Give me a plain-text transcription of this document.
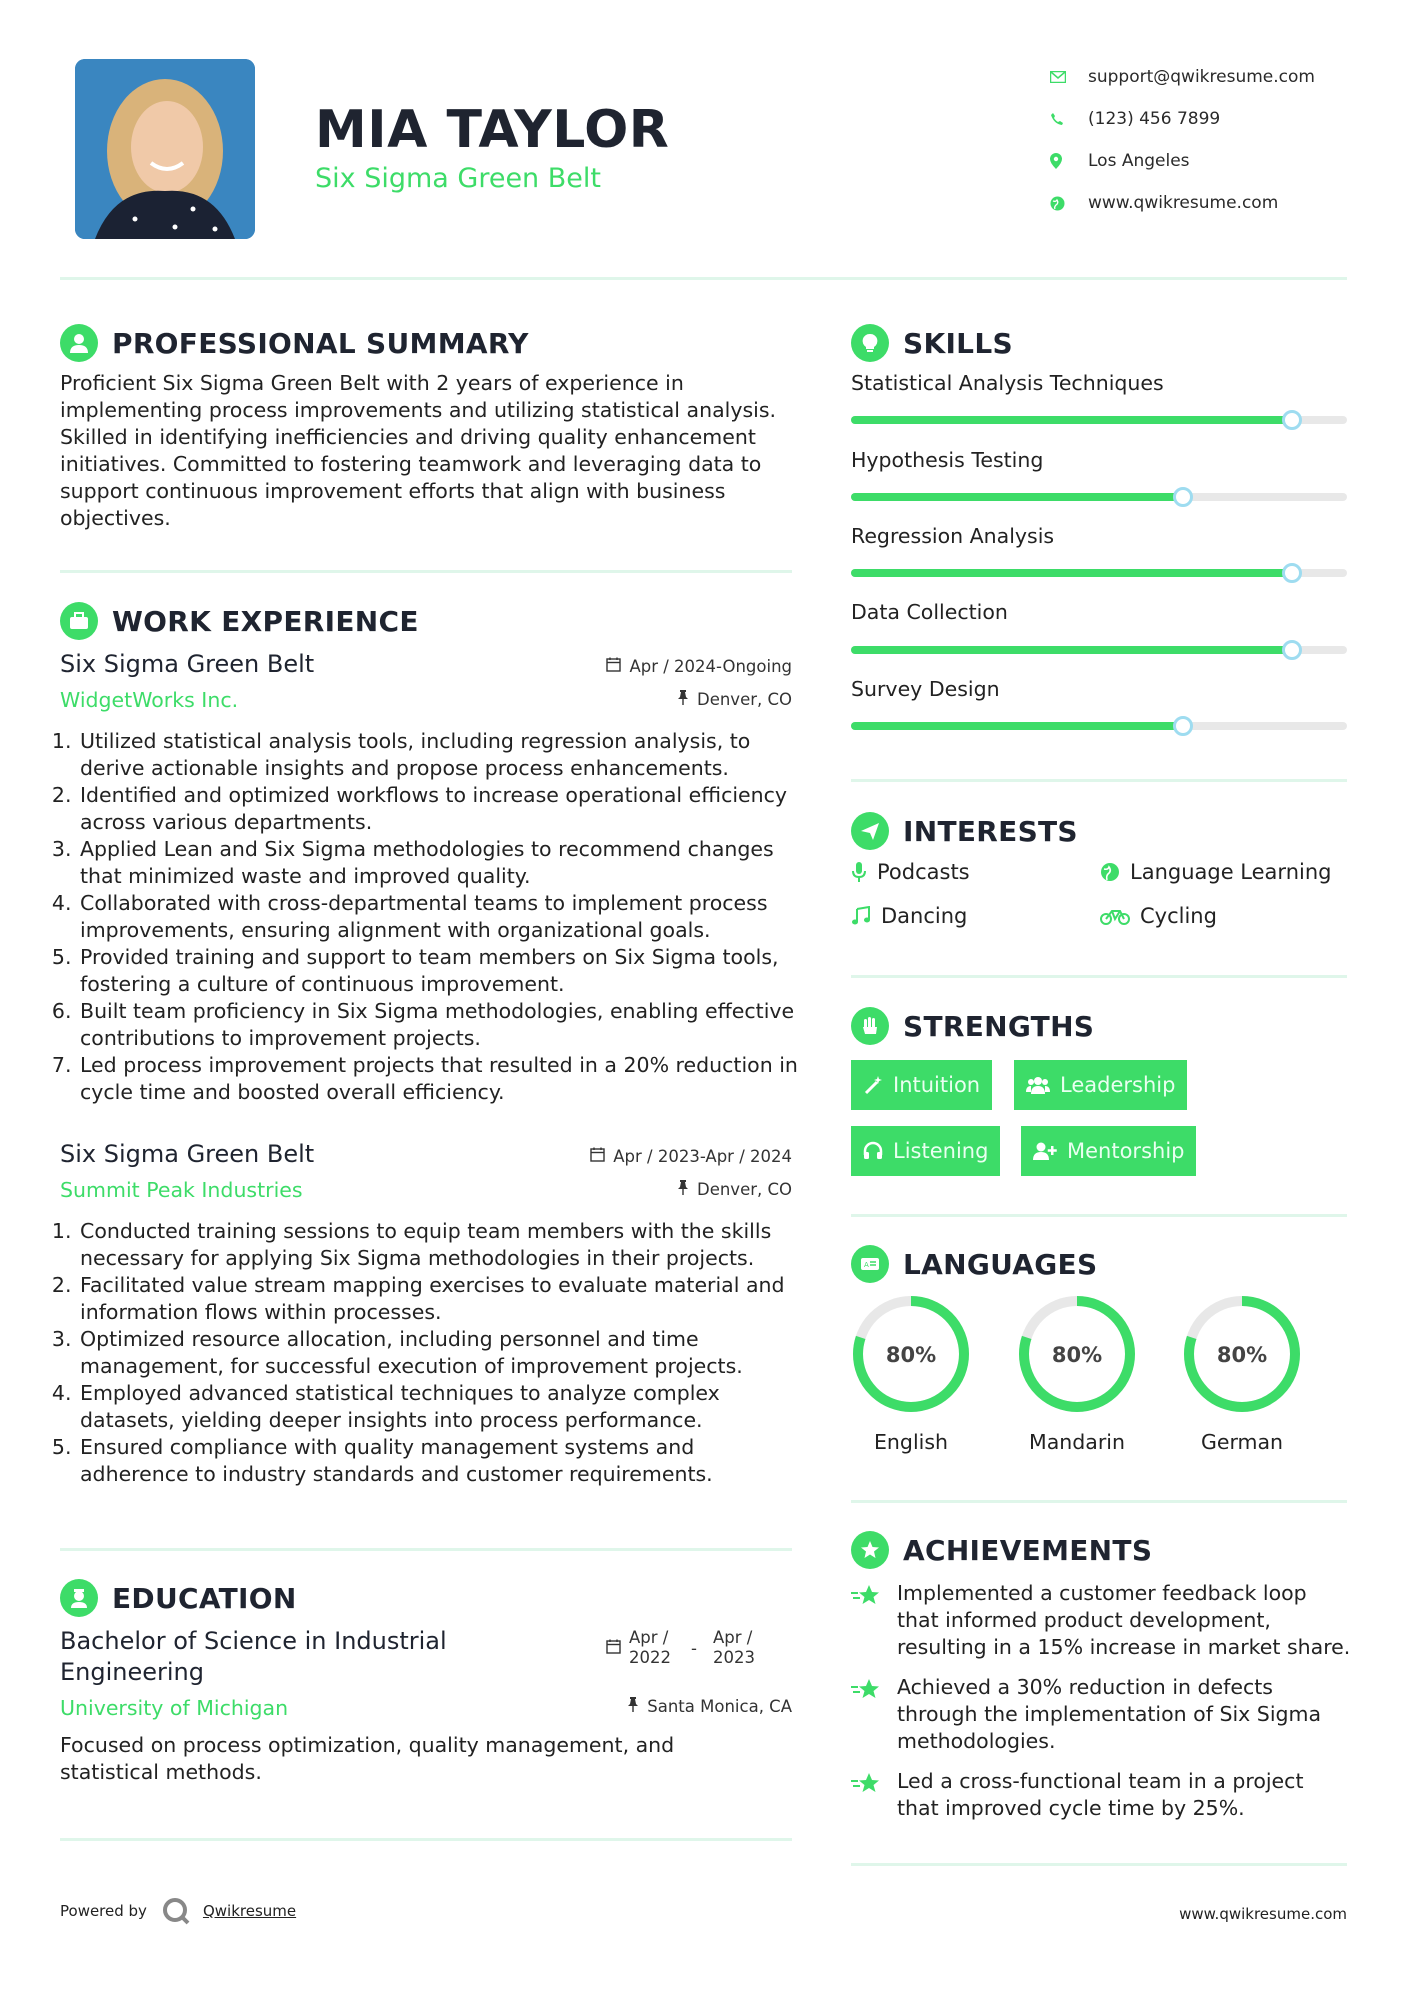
MIA TAYLOR
Six Sigma Green Belt
support@qwikresume.com
(123) 456 7899
Los Angeles
www.qwikresume.com
PROFESSIONAL SUMMARY
Proficient Six Sigma Green Belt with 2 years of experience in implementing process improvements and utilizing statistical analysis. Skilled in identifying inefficiencies and driving quality enhancement initiatives. Committed to fostering teamwork and leveraging data to support continuous improvement efforts that align with business objectives.
WORK EXPERIENCE
Six Sigma Green Belt	Apr / 2024-Ongoing
WidgetWorks Inc.	Denver, CO
1. Utilized statistical analysis tools, including regression analysis, to derive actionable insights and propose process enhancements.
2. Identified and optimized workflows to increase operational efficiency across various departments.
3. Applied Lean and Six Sigma methodologies to recommend changes that minimized waste and improved quality.
4. Collaborated with cross-departmental teams to implement process improvements, ensuring alignment with organizational goals.
5. Provided training and support to team members on Six Sigma tools, fostering a culture of continuous improvement.
6. Built team proficiency in Six Sigma methodologies, enabling effective contributions to improvement projects.
7. Led process improvement projects that resulted in a 20% reduction in cycle time and boosted overall efficiency.
Six Sigma Green Belt	Apr / 2023-Apr / 2024
Summit Peak Industries	Denver, CO
1. Conducted training sessions to equip team members with the skills necessary for applying Six Sigma methodologies in their projects.
2. Facilitated value stream mapping exercises to evaluate material and information flows within processes.
3. Optimized resource allocation, including personnel and time management, for successful execution of improvement projects.
4. Employed advanced statistical techniques to analyze complex datasets, yielding deeper insights into process performance.
5. Ensured compliance with quality management systems and adherence to industry standards and customer requirements.
EDUCATION
Bachelor of Science in Industrial Engineering
Apr / 2022	-
Apr / 2023
University of Michigan	Santa Monica, CA
Focused on process optimization, quality management, and statistical methods.
SKILLS
Statistical Analysis Techniques
Hypothesis Testing
Regression Analysis
Data Collection
Survey Design
INTERESTS
Podcasts	Language Learning
Dancing	Cycling
STRENGTHS
Intuition	Leadership
Listening	Mentorship
A LANGUAGES
80%
English
80%
Mandarin
80%
German
ACHIEVEMENTS
Implemented a customer feedback loop that informed product development, resulting in a 15% increase in market share.
Achieved a 30% reduction in defects through the implementation of Six Sigma methodologies.
Led a cross-functional team in a project that improved cycle time by 25%.
Powered by	Qwikresume	www.qwikresume.com
